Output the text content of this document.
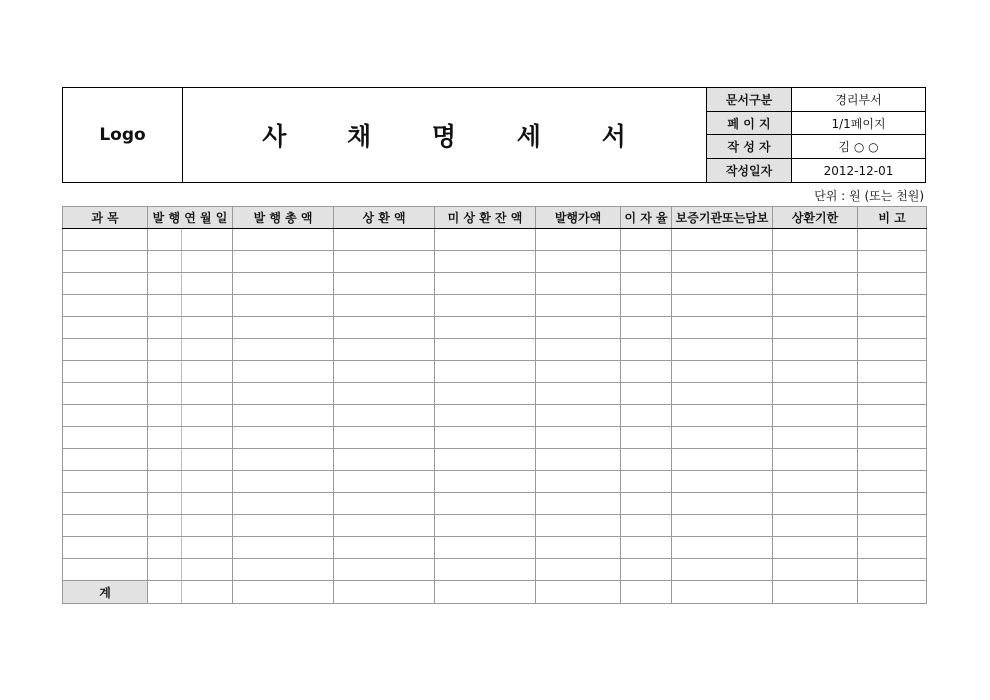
Logo	사 채 명 세 서
문서구분	경리부서
페 이 지	1/1페이지
작 성 자	김 ○ ○
작성일자	2012-12-01
단위 : 원 (또는 천원)
과 목	발 행 연 월 일		발 행 총 액	상 환 액	미 상 환 잔 액	발행가액	이 자 율	보증기관또는담보	상환기한	비 고

계										
